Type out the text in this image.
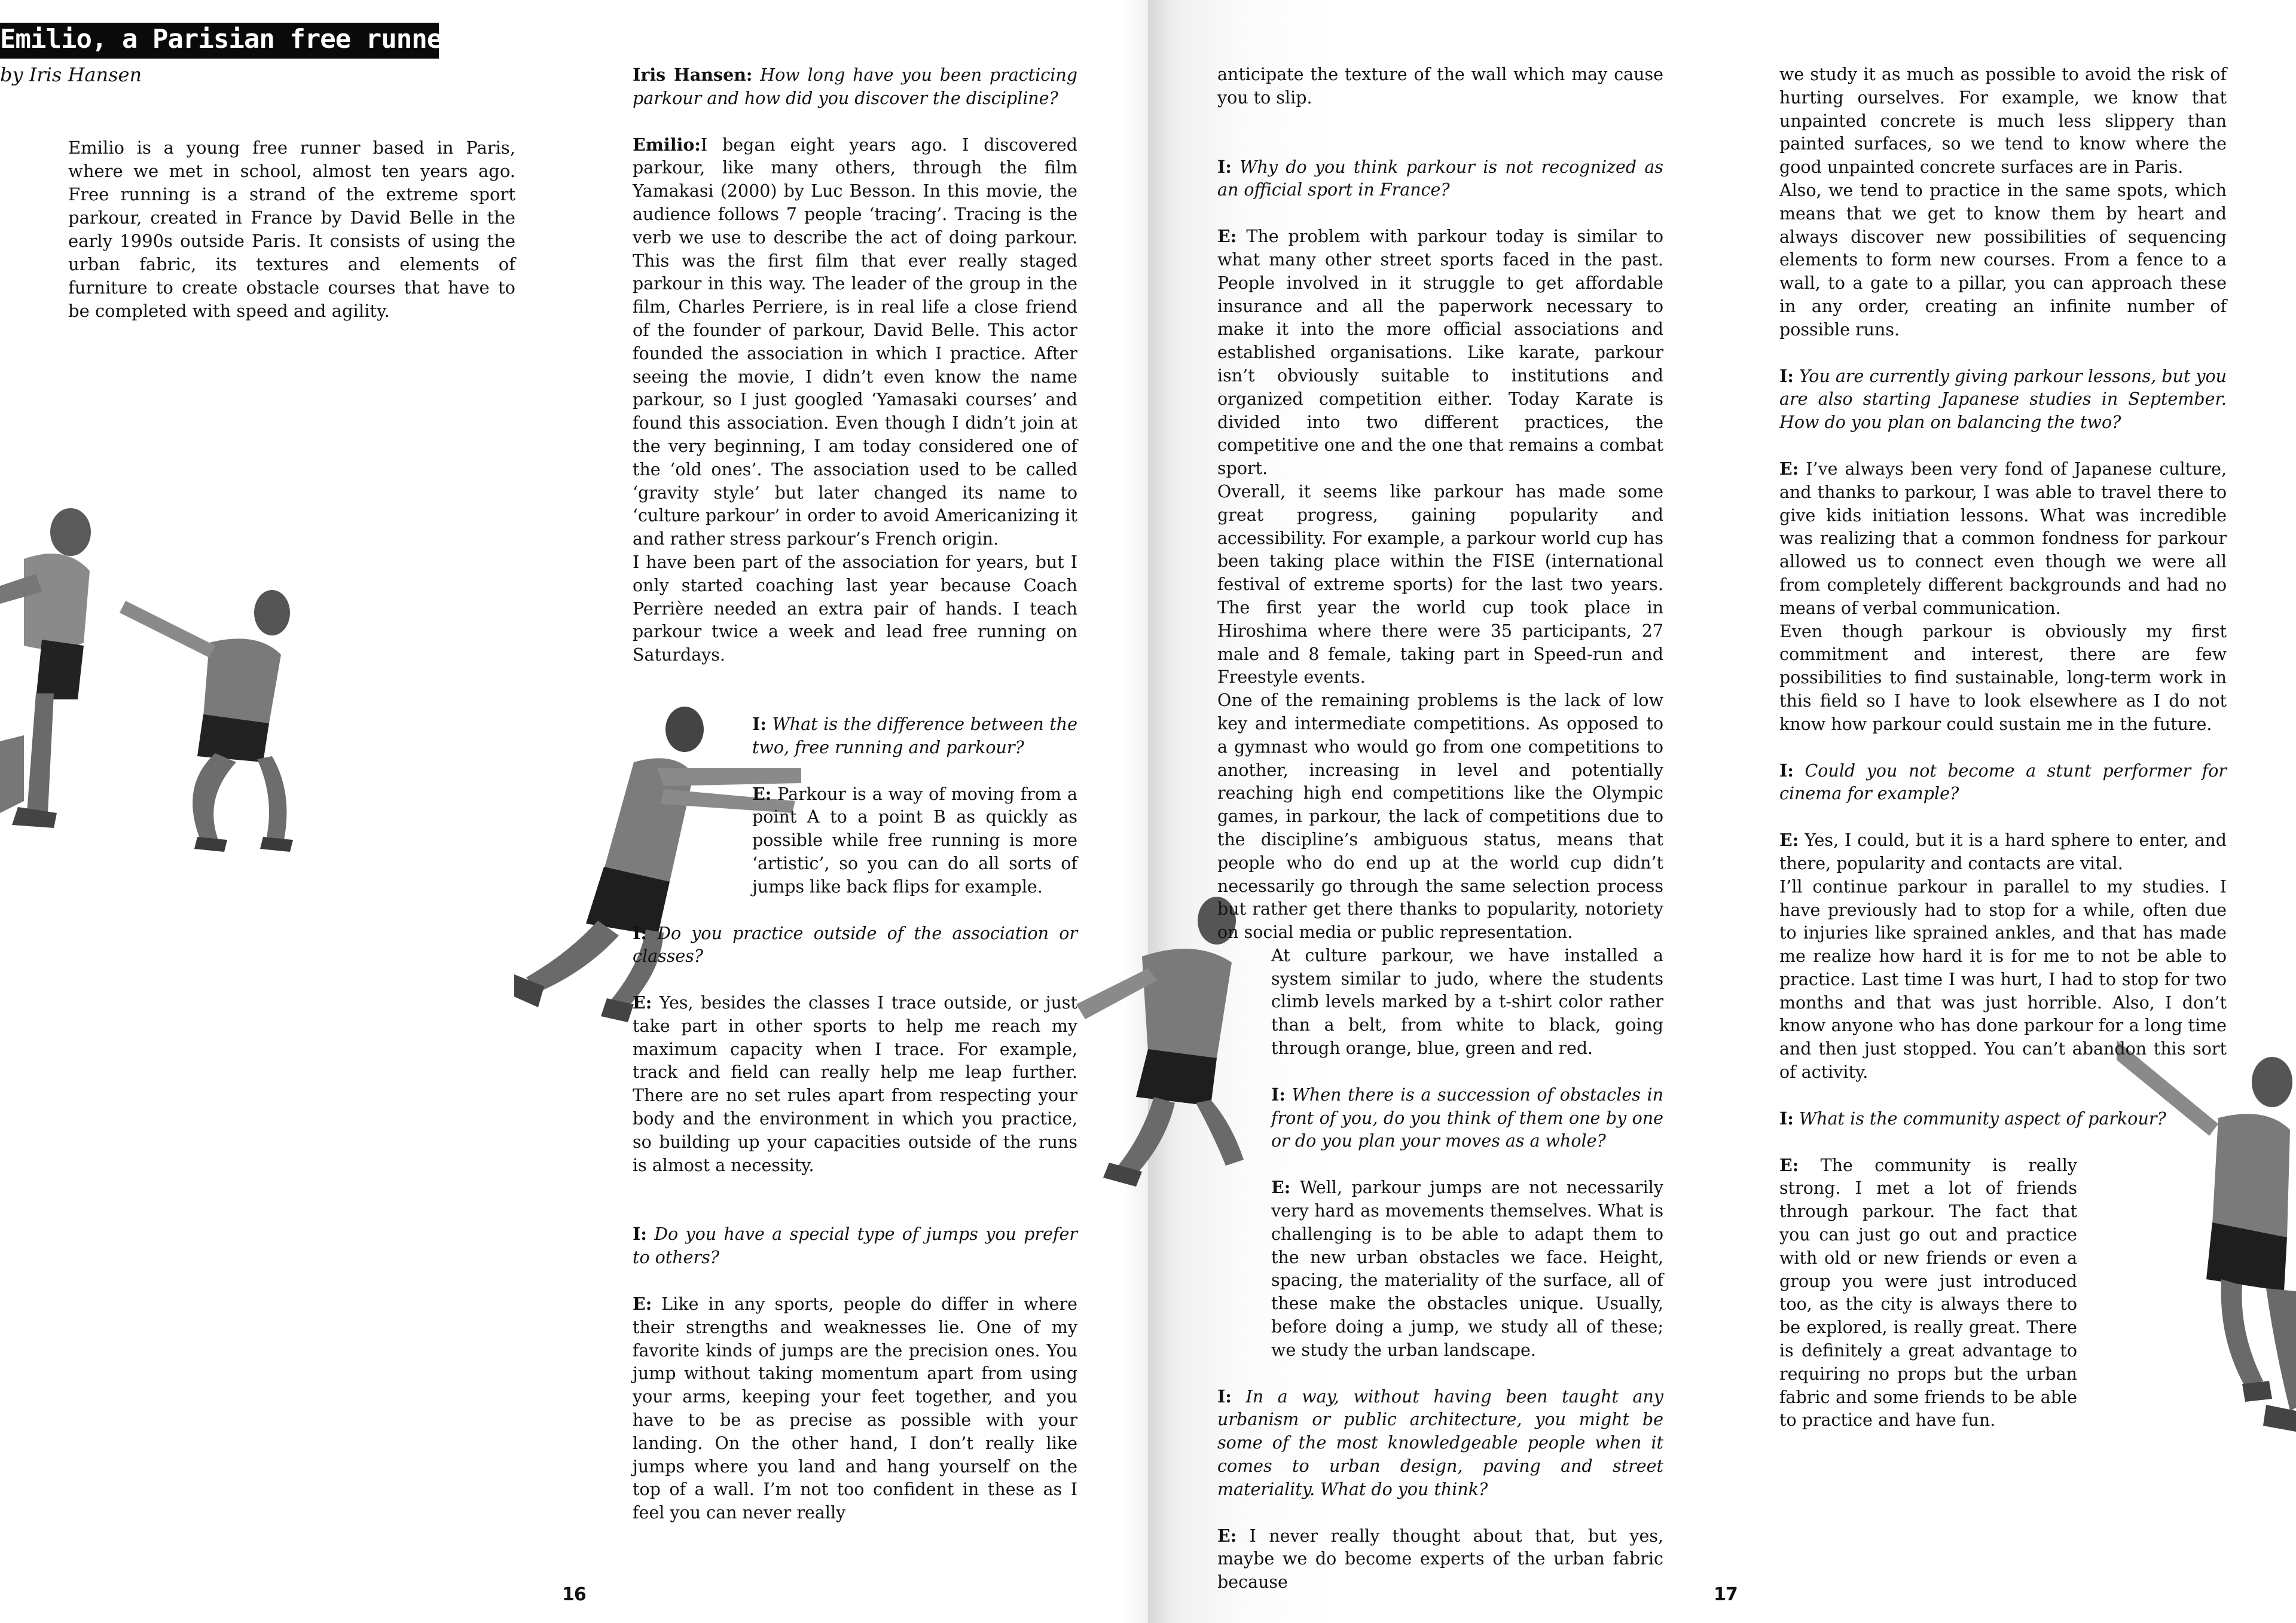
Emilio, a Parisian free runner
by Iris Hansen

Emilio is a young free runner based in Paris, where we met in school, almost ten years ago. Free running is a strand of the extreme sport parkour, created in France by David Belle in the early 1990s outside Paris. It consists of using the urban fabric, its textures and elements of furniture to create obstacle courses that have to be completed with speed and agility.

Iris Hansen: How long have you been practicing parkour and how did you discover the discipline?

Emilio:I began eight years ago. I discovered parkour, like many others, through the film Yamakasi (2000) by Luc Besson. In this movie, the audience follows 7 people ‘tracing’. Tracing is the verb we use to describe the act of doing parkour. This was the first film that ever really staged parkour in this way. The leader of the group in the film, Charles Perriere, is in real life a close friend of the founder of parkour, David Belle. This actor founded the association in which I practice. After seeing the movie, I didn’t even know the name parkour, so I just googled ‘Yamasaki courses’ and found this association. Even though I didn’t join at the very beginning, I am today considered one of the ‘old ones’. The association used to be called ‘gravity style’ but later changed its name to ‘culture parkour’ in order to avoid Americanizing it and rather stress parkour’s French origin.

I have been part of the association for years, but I only started coaching last year because Coach Perrière needed an extra pair of hands. I teach parkour twice a week and lead free running on Saturdays.

I: What is the difference between the two, free running and parkour?

E: Parkour is a way of moving from a point A to a point B as quickly as possible while free running is more ‘artistic’, so you can do all sorts of jumps like back flips for example.

I: Do you practice outside of the association or classes?

E: Yes, besides the classes I trace outside, or just take part in other sports to help me reach my maximum capacity when I trace. For example, track and field can really help me leap further. There are no set rules apart from respecting your body and the environment in which you practice, so building up your capacities outside of the runs is almost a necessity.

I: Do you have a special type of jumps you prefer to others?

E: Like in any sports, people do differ in where their strengths and weaknesses lie. One of my favorite kinds of jumps are the precision ones. You jump without taking momentum apart from using your arms, keeping your feet together, and you have to be as precise as possible with your landing. On the other hand, I don’t really like jumps where you land and hang yourself on the top of a wall. I’m not too confident in these as I feel you can never really

anticipate the texture of the wall which may cause you to slip.

I: Why do you think parkour is not recognized as an official sport in France?

E: The problem with parkour today is similar to what many other street sports faced in the past. People involved in it struggle to get affordable insurance and all the paperwork necessary to make it into the more official associations and established organisations. Like karate, parkour isn’t obviously suitable to institutions and organized competition either. Today Karate is divided into two different practices, the competitive one and the one that remains a combat sport.

Overall, it seems like parkour has made some great progress, gaining popularity and accessibility. For example, a parkour world cup has been taking place within the FISE (international festival of extreme sports) for the last two years. The first year the world cup took place in Hiroshima where there were 35 participants, 27 male and 8 female, taking part in Speed-run and Freestyle events.

One of the remaining problems is the lack of low key and intermediate competitions. As opposed to a gymnast who would go from one competitions to another, increasing in level and potentially reaching high end competitions like the Olympic games, in parkour, the lack of competitions due to the discipline’s ambiguous status, means that people who do end up at the world cup didn’t necessarily go through the same selection process but rather get there thanks to popularity, notoriety on social media or public representation.

At culture parkour, we have installed a system similar to judo, where the students climb levels marked by a t-shirt color rather than a belt, from white to black, going through orange, blue, green and red.

I: When there is a succession of obstacles in front of you, do you think of them one by one or do you plan your moves as a whole?

E: Well, parkour jumps are not necessarily very hard as movements themselves. What is challenging is to be able to adapt them to the new urban obstacles we face. Height, spacing, the materiality of the surface, all of these make the obstacles unique. Usually, before doing a jump, we study all of these; we study the urban landscape.

I: In a way, without having been taught any urbanism or public architecture, you might be some of the most knowledgeable people when it comes to urban design, paving and street materiality. What do you think?

E: I never really thought about that, but yes, maybe we do become experts of the urban fabric because

we study it as much as possible to avoid the risk of hurting ourselves. For example, we know that unpainted concrete is much less slippery than painted surfaces, so we tend to know where the good unpainted concrete surfaces are in Paris.

Also, we tend to practice in the same spots, which means that we get to know them by heart and always discover new possibilities of sequencing elements to form new courses. From a fence to a wall, to a gate to a pillar, you can approach these in any order, creating an infinite number of possible runs.

I: You are currently giving parkour lessons, but you are also starting Japanese studies in September. How do you plan on balancing the two?

E: I’ve always been very fond of Japanese culture, and thanks to parkour, I was able to travel there to give kids initiation lessons. What was incredible was realizing that a common fondness for parkour allowed us to connect even though we were all from completely different backgrounds and had no means of verbal communication.

Even though parkour is obviously my first commitment and interest, there are few possibilities to find sustainable, long-term work in this field so I have to look elsewhere as I do not know how parkour could sustain me in the future.

I: Could you not become a stunt performer for cinema for example?

E: Yes, I could, but it is a hard sphere to enter, and there, popularity and contacts are vital.

I’ll continue parkour in parallel to my studies. I have previously had to stop for a while, often due to injuries like sprained ankles, and that has made me realize how hard it is for me to not be able to practice. Last time I was hurt, I had to stop for two months and that was just horrible. Also, I don’t know anyone who has done parkour for a long time and then just stopped. You can’t abandon this sort of activity.

I: What is the community aspect of parkour?

E: The community is really strong. I met a lot of friends through parkour. The fact that you can just go out and practice with old or new friends or even a group you were just introduced too, as the city is always there to be explored, is really great. There is definitely a great advantage to requiring no props but the urban fabric and some friends to be able to practice and have fun.

16	17
